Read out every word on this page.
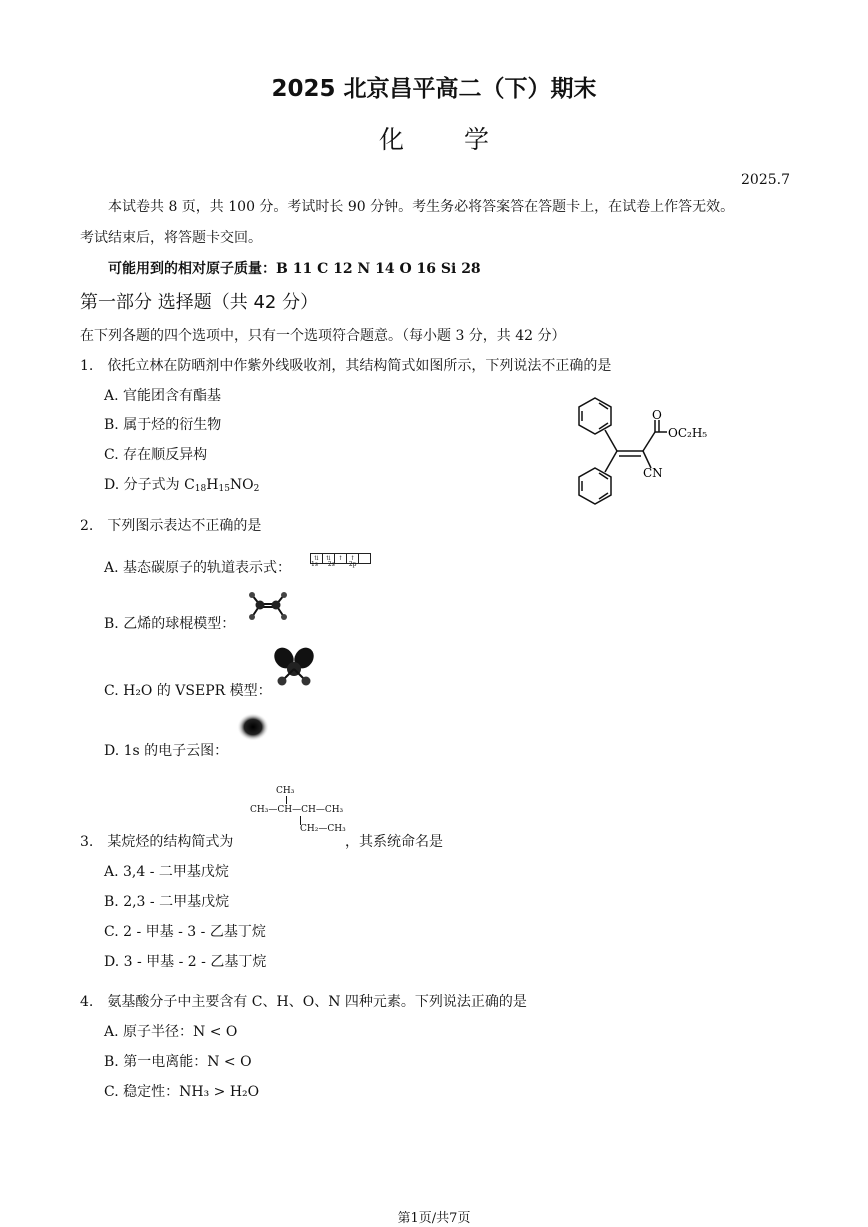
2025 北京昌平高二（下）期末
化学
2025.7
本试卷共 8 页，共 100 分。考试时长 90 分钟。考生务必将答案答在答题卡上，在试卷上作答无效。
考试结束后，将答题卡交回。
可能用到的相对原子质量：B 11 C 12 N 14 O 16 Si 28
第一部分 选择题（共 42 分）
在下列各题的四个选项中，只有一个选项符合题意。（每小题 3 分，共 42 分）
1.　依托立林在防晒剂中作紫外线吸收剂，其结构简式如图所示，下列说法不正确的是
A. 官能团含有酯基
B. 属于烃的衍生物
C. 存在顺反异构
D. 分子式为 $C_{18}H_{15}NO_2$
O
OC₂H₅
CN
2.　下列图示表达不正确的是
A. 基态碳原子的轨道表示式：
⇅ ⇅ ↑ ↑
1s 2s 2p
B. 乙烯的球棍模型：
C. H₂O 的 VSEPR 模型：
D. 1s 的电子云图：
CH₃
CH₃—CH—CH—CH₃
CH₂—CH₃
3.　某烷烃的结构简式为	，其系统命名是
A. 3,4 - 二甲基戊烷
B. 2,3 - 二甲基戊烷
C. 2 - 甲基 - 3 - 乙基丁烷
D. 3 - 甲基 - 2 - 乙基丁烷
4.　氨基酸分子中主要含有 C、H、O、N 四种元素。下列说法正确的是
A. 原子半径：N < O
B. 第一电离能：N < O
C. 稳定性：NH₃ > H₂O
第1页/共7页
